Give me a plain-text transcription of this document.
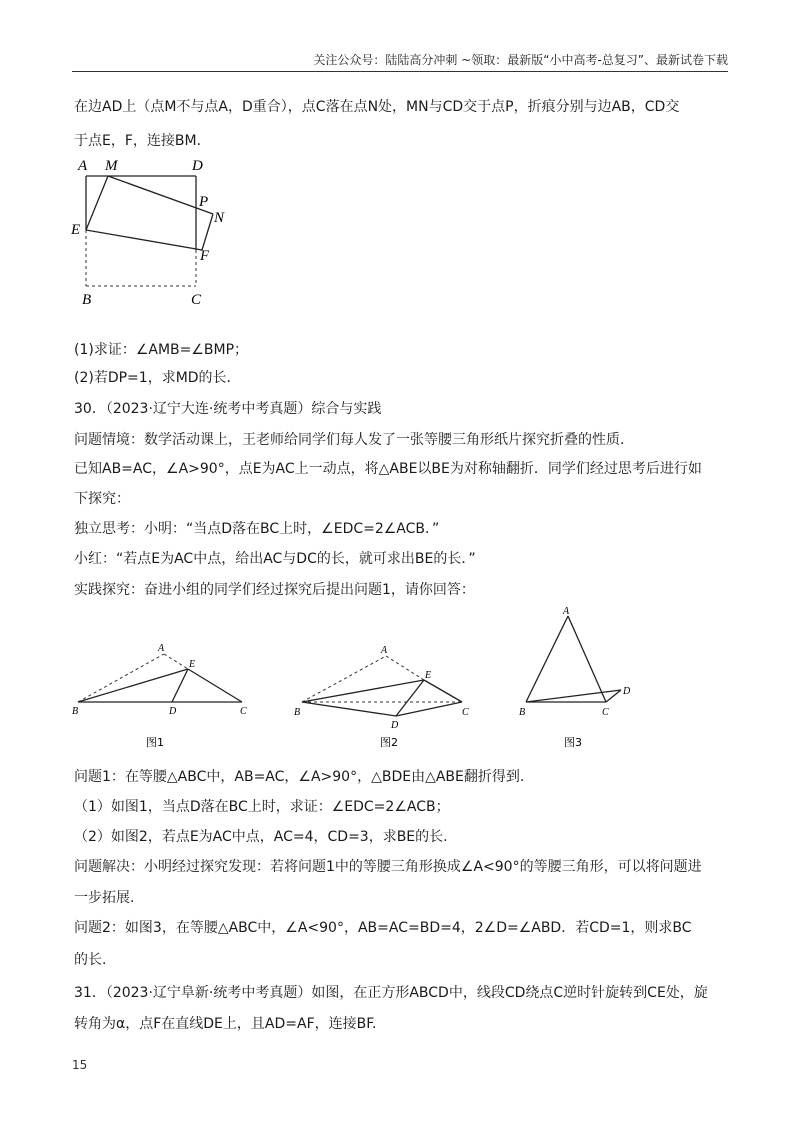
关注公众号：陆陆高分冲刺 ~领取：最新版“小中高考-总复习”、最新试卷下载
在边AD上（点M不与点A，D重合），点C落在点N处，MN与CD交于点P，折痕分别与边AB，CD交
于点E，F，连接BM．
A M	D
P
N
E
F
B	C
(1)求证：∠AMB=∠BMP；
(2)若DP=1，求MD的长．
30．（2023·辽宁大连·统考中考真题）综合与实践
问题情境：数学活动课上，王老师给同学们每人发了一张等腰三角形纸片探究折叠的性质．
已知AB=AC，∠A>90°，点E为AC上一动点，将△ABE以BE为对称轴翻折．同学们经过思考后进行如
下探究：
独立思考：小明：“当点D落在BC上时，∠EDC=2∠ACB．”
小红：“若点E为AC中点，给出AC与DC的长，就可求出BE的长．”
实践探究：奋进小组的同学们经过探究后提出问题1，请你回答：
A
E
B	D	C
图1
A
E
B
D
C
图2
A
D
B	C
图3
问题1：在等腰△ABC中，AB=AC，∠A>90°，△BDE由△ABE翻折得到.
（1）如图1，当点D落在BC上时，求证：∠EDC=2∠ACB；
（2）如图2，若点E为AC中点，AC=4，CD=3，求BE的长.
问题解决：小明经过探究发现：若将问题1中的等腰三角形换成∠A<90°的等腰三角形，可以将问题进
一步拓展.
问题2：如图3，在等腰△ABC中，∠A<90°，AB=AC=BD=4，2∠D=∠ABD．若CD=1，则求BC
的长.
31．（2023·辽宁阜新·统考中考真题）如图，在正方形ABCD中，线段CD绕点C逆时针旋转到CE处，旋
转角为α，点F在直线DE上，且AD=AF，连接BF.
15
